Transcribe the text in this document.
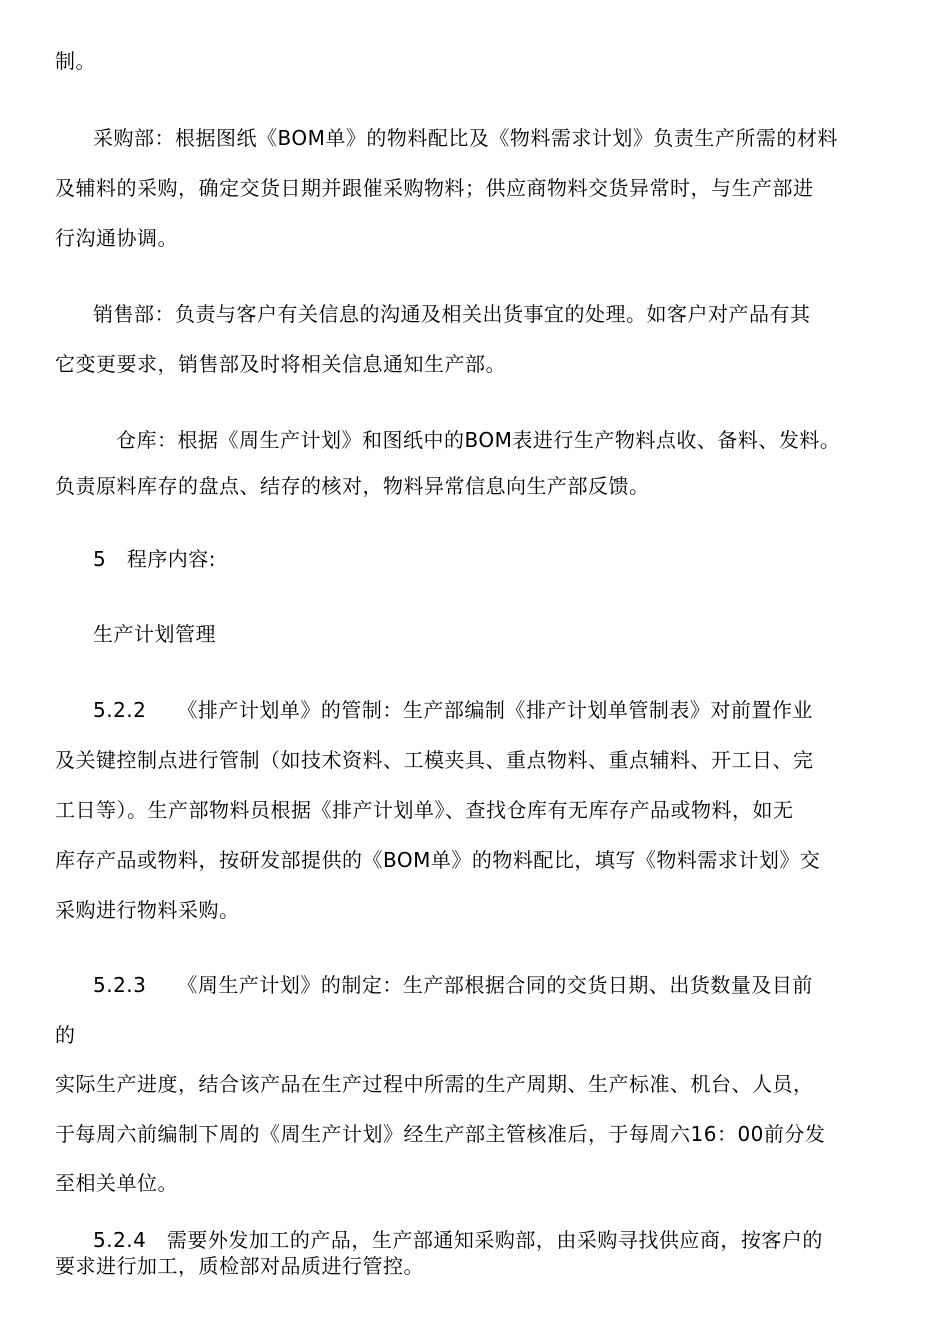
制。
采购部：根据图纸《BOM单》的物料配比及《物料需求计划》负责生产所需的材料
及辅料的采购，确定交货日期并跟催采购物料；供应商物料交货异常时，与生产部进
行沟通协调。
销售部：负责与客户有关信息的沟通及相关出货事宜的处理。如客户对产品有其
它变更要求，销售部及时将相关信息通知生产部。
仓库：根据《周生产计划》和图纸中的BOM表进行生产物料点收、备料、发料。
负责原料库存的盘点、结存的核对，物料异常信息向生产部反馈。
5　程序内容:
生产计划管理
5.2.2　　《排产计划单》的管制：生产部编制《排产计划单管制表》对前置作业
及关键控制点进行管制（如技术资料、工模夹具、重点物料、重点辅料、开工日、完
工日等）。生产部物料员根据《排产计划单》、查找仓库有无库存产品或物料，如无
库存产品或物料，按研发部提供的《BOM单》的物料配比，填写《物料需求计划》交
采购进行物料采购。
5.2.3　　《周生产计划》的制定：生产部根据合同的交货日期、出货数量及目前
的
实际生产进度，结合该产品在生产过程中所需的生产周期、生产标准、机台、人员，
于每周六前编制下周的《周生产计划》经生产部主管核准后，于每周六16：00前分发
至相关单位。
5.2.4　需要外发加工的产品，生产部通知采购部，由采购寻找供应商，按客户的
要求进行加工，质检部对品质进行管控。
